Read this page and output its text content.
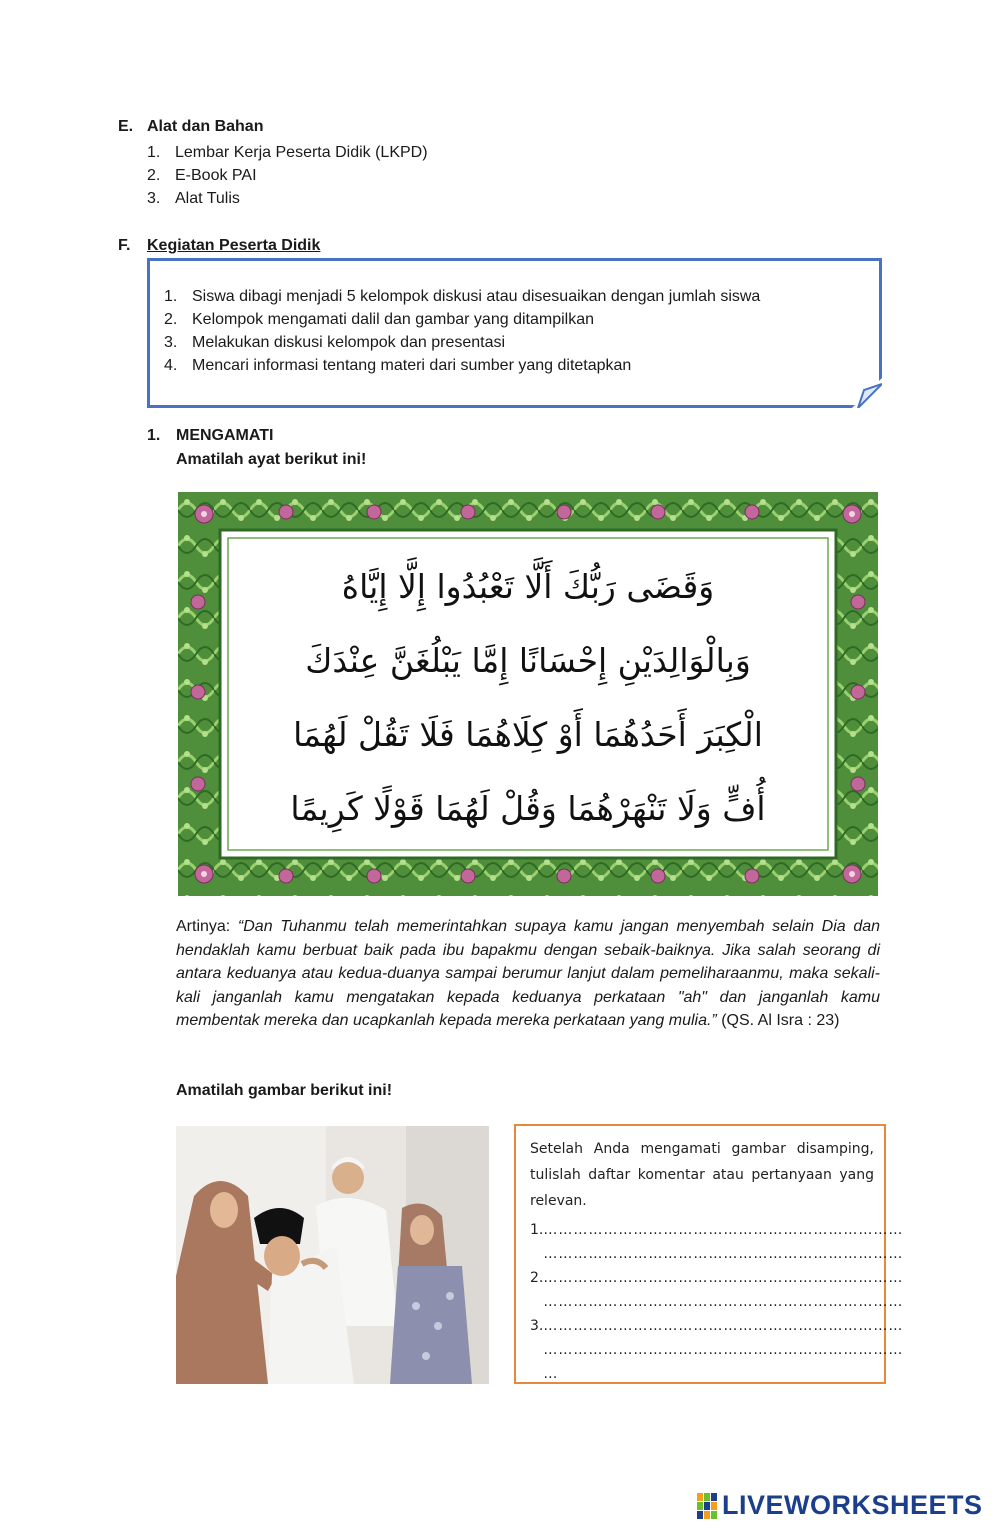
E. Alat dan Bahan
1. Lembar Kerja Peserta Didik (LKPD)
2. E-Book PAI
3. Alat Tulis
F. Kegiatan Peserta Didik
1. Siswa dibagi menjadi 5 kelompok diskusi atau disesuaikan dengan jumlah siswa
2. Kelompok mengamati dalil dan gambar yang ditampilkan
3. Melakukan diskusi kelompok dan presentasi
4. Mencari informasi tentang materi dari sumber yang ditetapkan
1. MENGAMATI
Amatilah ayat berikut ini!
وَقَضَى رَبُّكَ أَلَّا تَعْبُدُوا إِلَّا إِيَّاهُ
وَبِالْوَالِدَيْنِ إِحْسَانًا إِمَّا يَبْلُغَنَّ عِنْدَكَ
الْكِبَرَ أَحَدُهُمَا أَوْ كِلَاهُمَا فَلَا تَقُلْ لَهُمَا
أُفٍّ وَلَا تَنْهَرْهُمَا وَقُلْ لَهُمَا قَوْلًا كَرِيمًا
Artinya: “Dan Tuhanmu telah memerintahkan supaya kamu jangan menyembah selain Dia dan hendaklah kamu berbuat baik pada ibu bapakmu dengan sebaik-baiknya. Jika salah seorang di antara keduanya atau kedua-duanya sampai berumur lanjut dalam pemeliharaanmu, maka sekali-kali janganlah kamu mengatakan kepada keduanya perkataan "ah" dan janganlah kamu membentak mereka dan ucapkanlah kepada mereka perkataan yang mulia.” (QS. Al Isra : 23)
Amatilah gambar berikut ini!
Setelah Anda mengamati gambar disamping, tulislah daftar komentar atau pertanyaan yang relevan.
1. ………………………………………………………………
………………………………………………………………
2. ………………………………………………………………
………………………………………………………………
3. ………………………………………………………………
………………………………………………………………
…
LIVEWORKSHEETS
